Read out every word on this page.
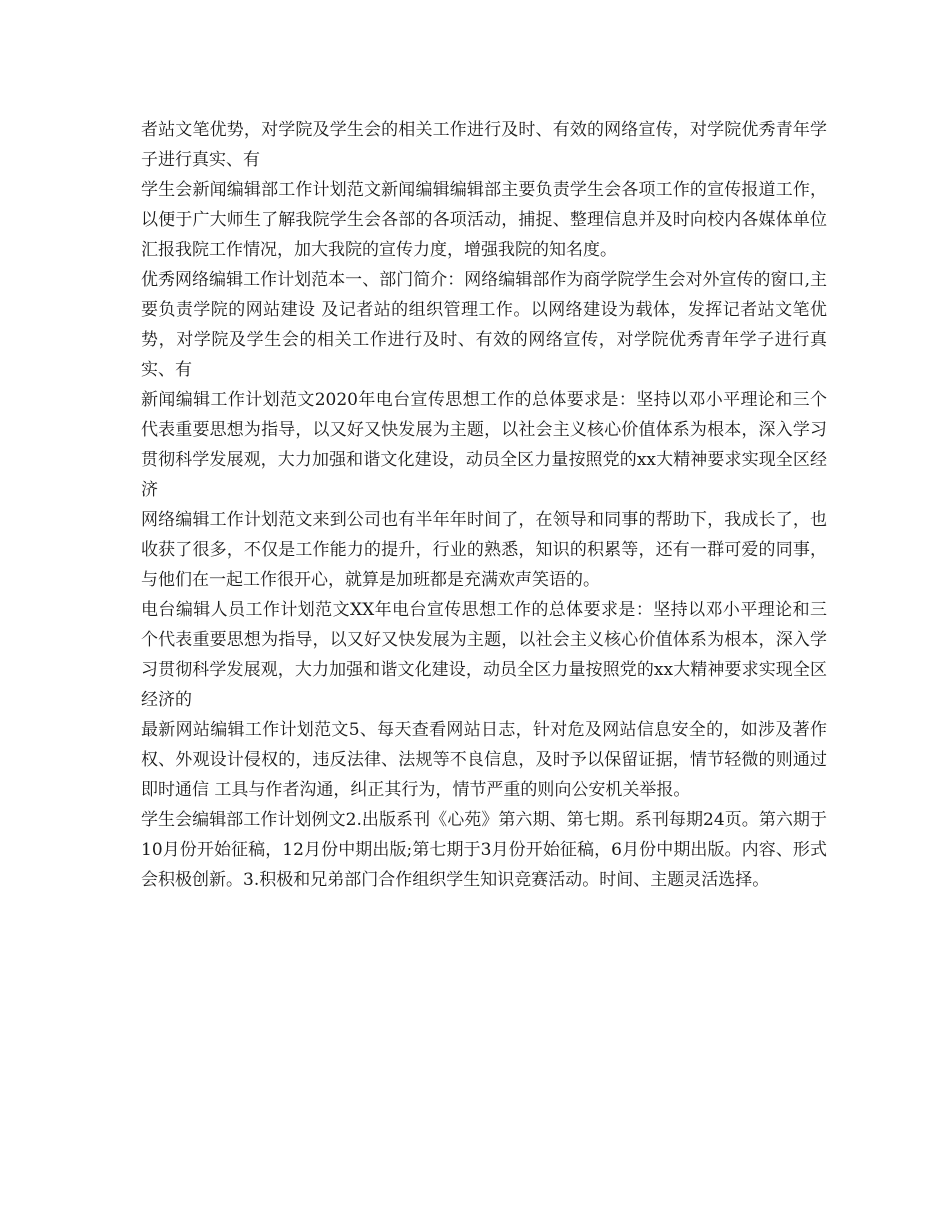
者站文笔优势，对学院及学生会的相关工作进行及时、有效的网络宣传，对学院优秀青年学子进行真实、有

学生会新闻编辑部工作计划范文新闻编辑编辑部主要负责学生会各项工作的宣传报道工作，以便于广大师生了解我院学生会各部的各项活动，捕捉、整理信息并及时向校内各媒体单位汇报我院工作情况，加大我院的宣传力度，增强我院的知名度。

优秀网络编辑工作计划范本一、部门简介：网络编辑部作为商学院学生会对外宣传的窗口,主要负责学院的网站建设 及记者站的组织管理工作。以网络建设为载体，发挥记者站文笔优势，对学院及学生会的相关工作进行及时、有效的网络宣传，对学院优秀青年学子进行真实、有

新闻编辑工作计划范文2020年电台宣传思想工作的总体要求是：坚持以邓小平理论和三个代表重要思想为指导，以又好又快发展为主题，以社会主义核心价值体系为根本，深入学习贯彻科学发展观，大力加强和谐文化建设，动员全区力量按照党的xx大精神要求实现全区经济

网络编辑工作计划范文来到公司也有半年年时间了，在领导和同事的帮助下，我成长了，也收获了很多，不仅是工作能力的提升，行业的熟悉，知识的积累等，还有一群可爱的同事，与他们在一起工作很开心，就算是加班都是充满欢声笑语的。

电台编辑人员工作计划范文XX年电台宣传思想工作的总体要求是：坚持以邓小平理论和三个代表重要思想为指导，以又好又快发展为主题，以社会主义核心价值体系为根本，深入学习贯彻科学发展观，大力加强和谐文化建设，动员全区力量按照党的xx大精神要求实现全区经济的

最新网站编辑工作计划范文5、每天查看网站日志，针对危及网站信息安全的，如涉及著作权、外观设计侵权的，违反法律、法规等不良信息，及时予以保留证据，情节轻微的则通过即时通信 工具与作者沟通，纠正其行为，情节严重的则向公安机关举报。

学生会编辑部工作计划例文2.出版系刊《心苑》第六期、第七期。系刊每期24页。第六期于10月份开始征稿，12月份中期出版;第七期于3月份开始征稿，6月份中期出版。内容、形式会积极创新。3.积极和兄弟部门合作组织学生知识竞赛活动。时间、主题灵活选择。
